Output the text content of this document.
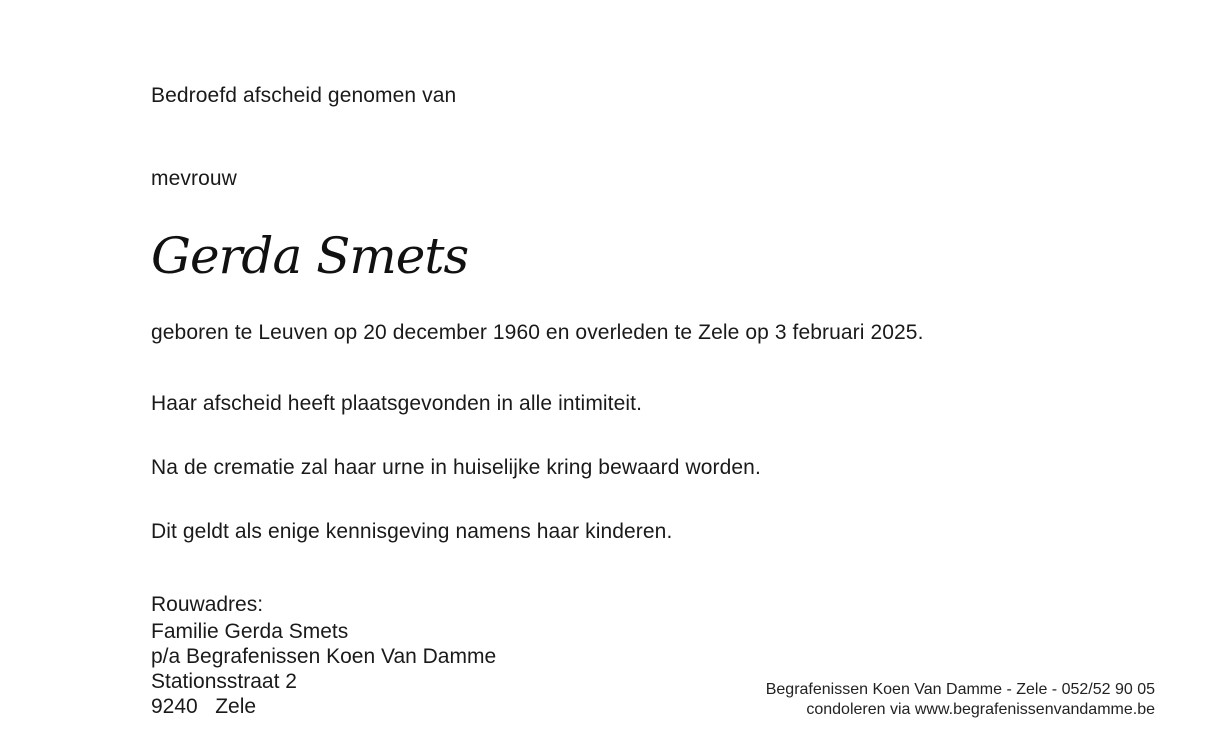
Bedroefd afscheid genomen van
mevrouw
Gerda Smets
geboren te Leuven op 20 december 1960 en overleden te Zele op 3 februari 2025.
Haar afscheid heeft plaatsgevonden in alle intimiteit.
Na de crematie zal haar urne in huiselijke kring bewaard worden.
Dit geldt als enige kennisgeving namens haar kinderen.
Rouwadres:
Familie Gerda Smets
p/a Begrafenissen Koen Van Damme
Stationsstraat 2
9240   Zele
Begrafenissen Koen Van Damme - Zele - 052/52 90 05
condoleren via www.begrafenissenvandamme.be
